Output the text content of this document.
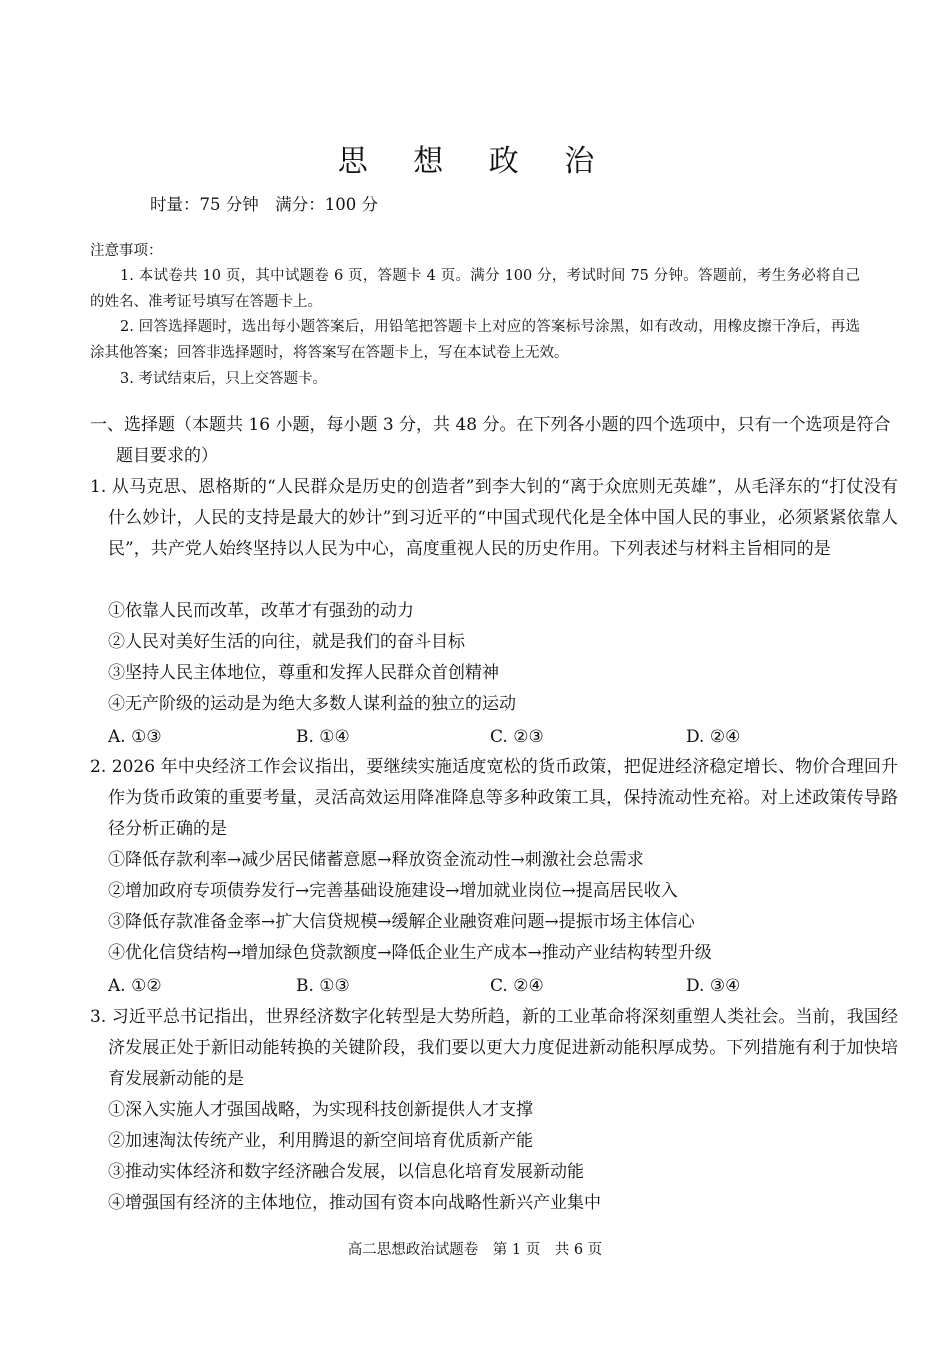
思 想 政 治
时量：75 分钟　满分：100 分
注意事项：
1. 本试卷共 10 页，其中试题卷 6 页，答题卡 4 页。满分 100 分，考试时间 75 分钟。答题前，考生务必将自己的姓名、准考证号填写在答题卡上。
2. 回答选择题时，选出每小题答案后，用铅笔把答题卡上对应的答案标号涂黑，如有改动，用橡皮擦干净后，再选涂其他答案；回答非选择题时，将答案写在答题卡上，写在本试卷上无效。
3. 考试结束后，只上交答题卡。
一、选择题（本题共 16 小题，每小题 3 分，共 48 分。在下列各小题的四个选项中，只有一个选项是符合题目要求的）
1. 从马克思、恩格斯的“人民群众是历史的创造者”到李大钊的“离于众庶则无英雄”，从毛泽东的“打仗没有什么妙计，人民的支持是最大的妙计”到习近平的“中国式现代化是全体中国人民的事业，必须紧紧依靠人民”，共产党人始终坚持以人民为中心，高度重视人民的历史作用。下列表述与材料主旨相同的是
①依靠人民而改革，改革才有强劲的动力
②人民对美好生活的向往，就是我们的奋斗目标
③坚持人民主体地位，尊重和发挥人民群众首创精神
④无产阶级的运动是为绝大多数人谋利益的独立的运动
A. ①③	B. ①④	C. ②③	D. ②④
2. 2026 年中央经济工作会议指出，要继续实施适度宽松的货币政策，把促进经济稳定增长、物价合理回升作为货币政策的重要考量，灵活高效运用降准降息等多种政策工具，保持流动性充裕。对上述政策传导路径分析正确的是
①降低存款利率→减少居民储蓄意愿→释放资金流动性→刺激社会总需求
②增加政府专项债券发行→完善基础设施建设→增加就业岗位→提高居民收入
③降低存款准备金率→扩大信贷规模→缓解企业融资难问题→提振市场主体信心
④优化信贷结构→增加绿色贷款额度→降低企业生产成本→推动产业结构转型升级
A. ①②	B. ①③	C. ②④	D. ③④
3. 习近平总书记指出，世界经济数字化转型是大势所趋，新的工业革命将深刻重塑人类社会。当前，我国经济发展正处于新旧动能转换的关键阶段，我们要以更大力度促进新动能积厚成势。下列措施有利于加快培育发展新动能的是
①深入实施人才强国战略，为实现科技创新提供人才支撑
②加速淘汰传统产业，利用腾退的新空间培育优质新产能
③推动实体经济和数字经济融合发展，以信息化培育发展新动能
④增强国有经济的主体地位，推动国有资本向战略性新兴产业集中
高二思想政治试题卷　第 1 页　共 6 页
